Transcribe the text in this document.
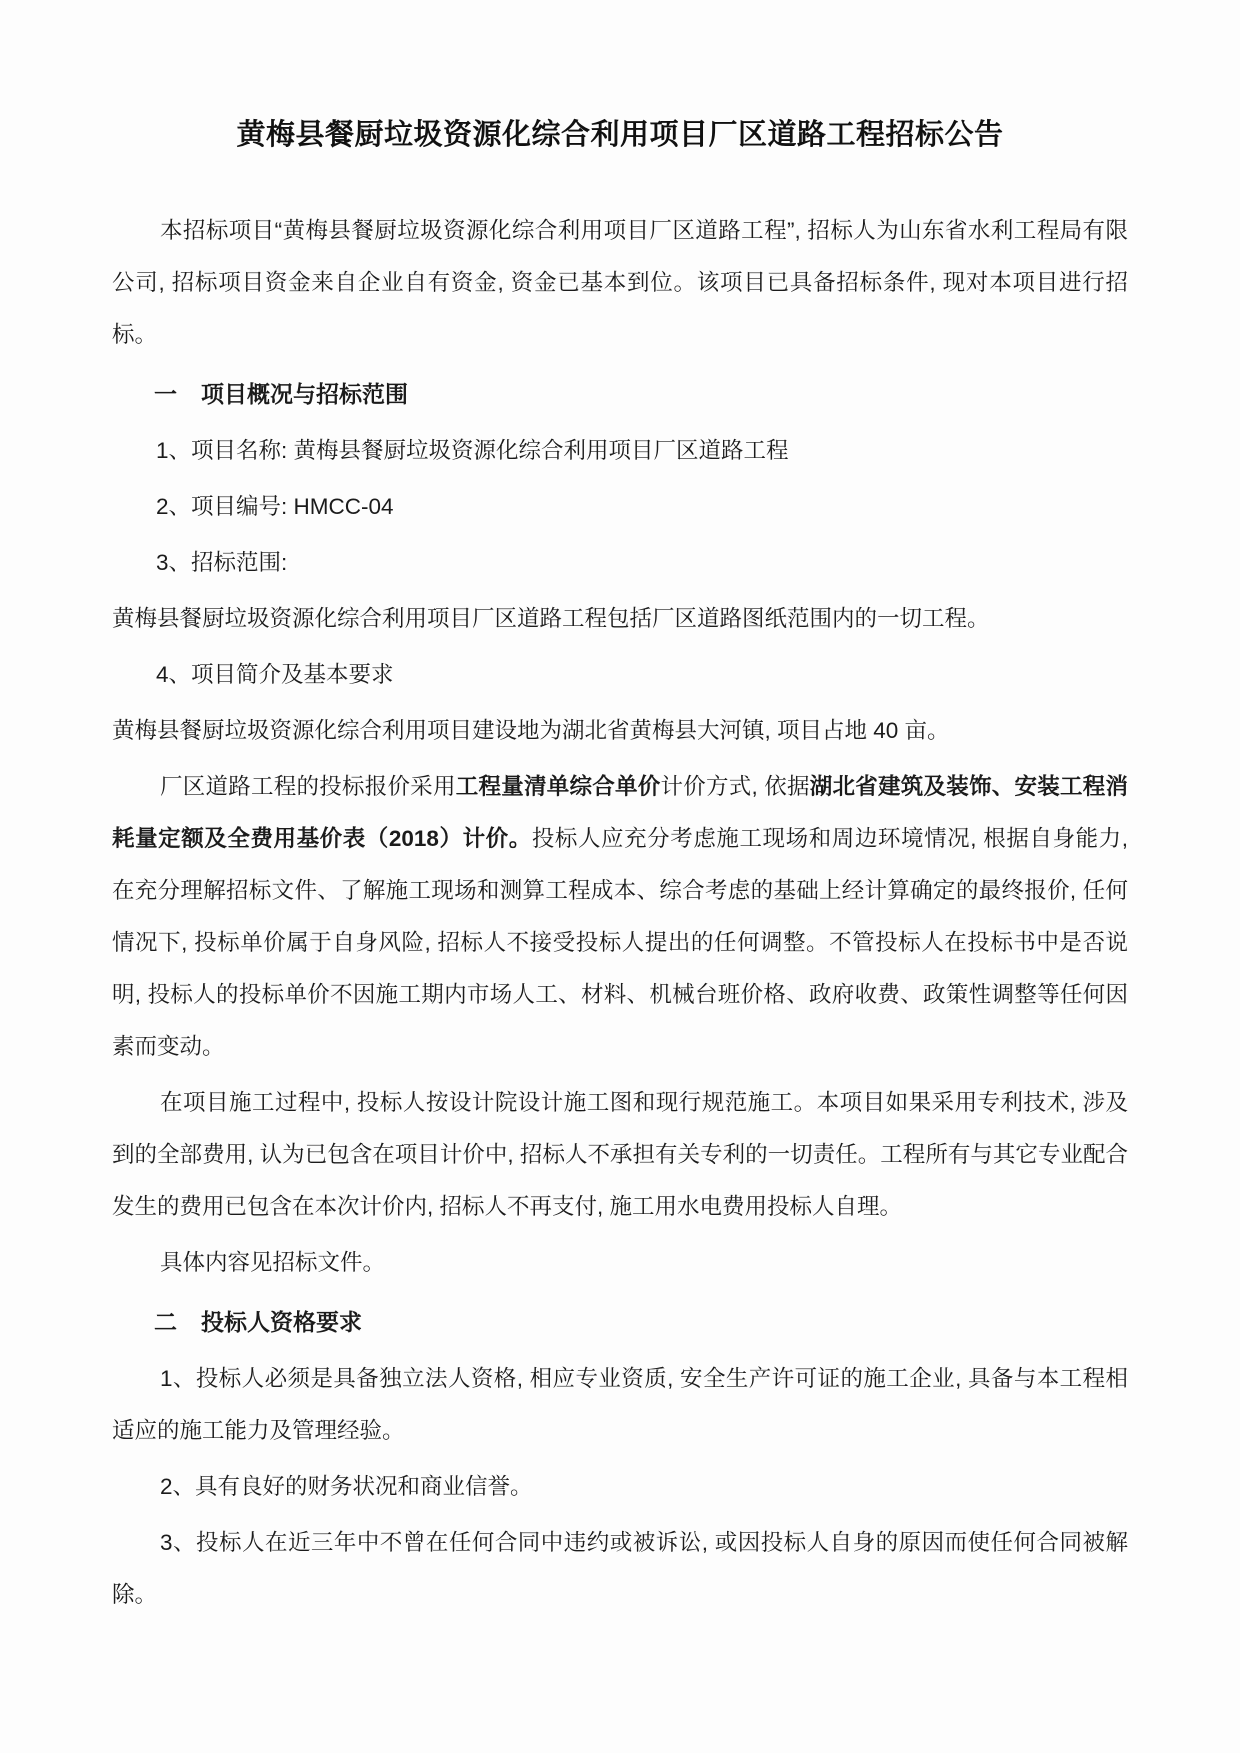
黄梅县餐厨垃圾资源化综合利用项目厂区道路工程招标公告

本招标项目“黄梅县餐厨垃圾资源化综合利用项目厂区道路工程”, 招标人为山东省水利工程局有限公司, 招标项目资金来自企业自有资金, 资金已基本到位。该项目已具备招标条件, 现对本项目进行招标。

一 项目概况与招标范围

1、项目名称: 黄梅县餐厨垃圾资源化综合利用项目厂区道路工程

2、项目编号: HMCC-04

3、招标范围:

黄梅县餐厨垃圾资源化综合利用项目厂区道路工程包括厂区道路图纸范围内的一切工程。

4、项目简介及基本要求

黄梅县餐厨垃圾资源化综合利用项目建设地为湖北省黄梅县大河镇, 项目占地 40 亩。

厂区道路工程的投标报价采用工程量清单综合单价计价方式, 依据湖北省建筑及装饰、安装工程消耗量定额及全费用基价表（2018）计价。投标人应充分考虑施工现场和周边环境情况, 根据自身能力, 在充分理解招标文件、了解施工现场和测算工程成本、综合考虑的基础上经计算确定的最终报价, 任何情况下, 投标单价属于自身风险, 招标人不接受投标人提出的任何调整。不管投标人在投标书中是否说明, 投标人的投标单价不因施工期内市场人工、材料、机械台班价格、政府收费、政策性调整等任何因素而变动。

在项目施工过程中, 投标人按设计院设计施工图和现行规范施工。本项目如果采用专利技术, 涉及到的全部费用, 认为已包含在项目计价中, 招标人不承担有关专利的一切责任。工程所有与其它专业配合发生的费用已包含在本次计价内, 招标人不再支付, 施工用水电费用投标人自理。

具体内容见招标文件。

二 投标人资格要求

1、投标人必须是具备独立法人资格, 相应专业资质, 安全生产许可证的施工企业, 具备与本工程相适应的施工能力及管理经验。

2、具有良好的财务状况和商业信誉。

3、投标人在近三年中不曾在任何合同中违约或被诉讼, 或因投标人自身的原因而使任何合同被解除。
